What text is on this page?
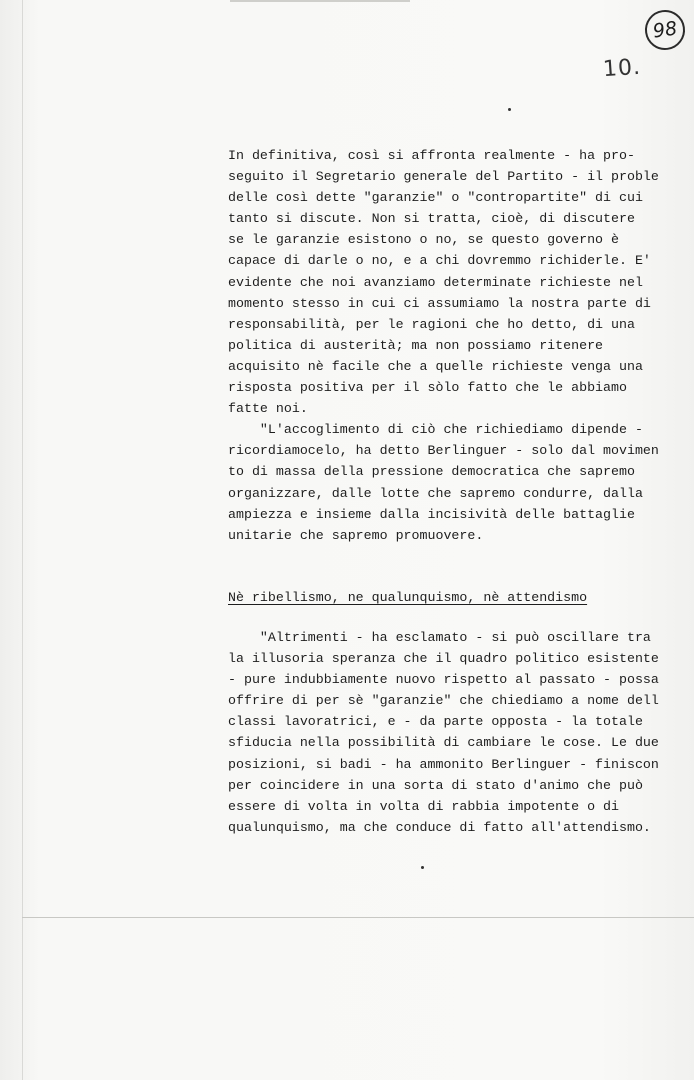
98
10.
In definitiva, così si affronta realmente - ha pro-
seguito il Segretario generale del Partito - il proble
delle così dette "garanzie" o "contropartite" di cui
tanto si discute. Non si tratta, cioè, di discutere
se le garanzie esistono o no, se questo governo è
capace di darle o no, e a chi dovremmo richiderle. E'
evidente che noi avanziamo determinate richieste nel
momento stesso in cui ci assumiamo la nostra parte di
responsabilità, per le ragioni che ho detto, di una
politica di austerità; ma non possiamo ritenere
acquisito nè facile che a quelle richieste venga una
risposta positiva per il sòlo fatto che le abbiamo
fatte noi.
"L'accoglimento di ciò che richiediamo dipende -
ricordiamocelo, ha detto Berlinguer - solo dal movimen
to di massa della pressione democratica che sapremo
organizzare, dalle lotte che sapremo condurre, dalla
ampiezza e insieme dalla incisività delle battaglie
unitarie che sapremo promuovere.
Nè ribellismo, ne qualunquismo, nè attendismo
"Altrimenti - ha esclamato - si può oscillare tra
la illusoria speranza che il quadro politico esistente
- pure indubbiamente nuovo rispetto al passato - possa
offrire di per sè "garanzie" che chiediamo a nome dell
classi lavoratrici, e - da parte opposta - la totale
sfiducia nella possibilità di cambiare le cose. Le due
posizioni, si badi - ha ammonito Berlinguer - finiscon
per coincidere in una sorta di stato d'animo che può
essere di volta in volta di rabbia impotente o di
qualunquismo, ma che conduce di fatto all'attendismo.
